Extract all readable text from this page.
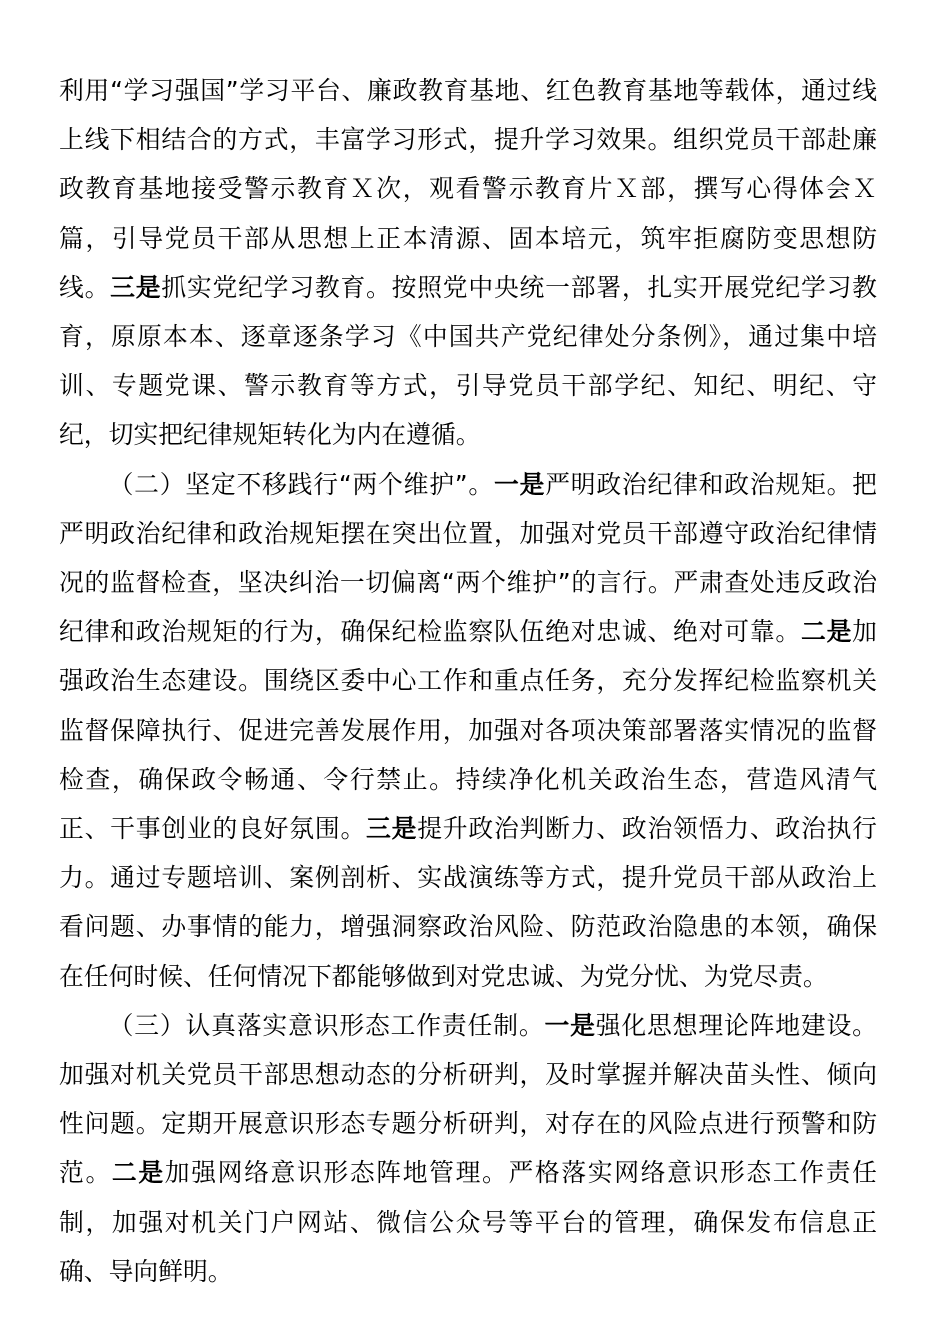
利用“学习强国”学习平台、廉政教育基地、红色教育基地等载体，通过线上线下相结合的方式，丰富学习形式，提升学习效果。组织党员干部赴廉政教育基地接受警示教育Ｘ次，观看警示教育片Ｘ部，撰写心得体会Ｘ篇，引导党员干部从思想上正本清源、固本培元，筑牢拒腐防变思想防线。三是抓实党纪学习教育。按照党中央统一部署，扎实开展党纪学习教育，原原本本、逐章逐条学习《中国共产党纪律处分条例》，通过集中培训、专题党课、警示教育等方式，引导党员干部学纪、知纪、明纪、守纪，切实把纪律规矩转化为内在遵循。

（二）坚定不移践行“两个维护”。一是严明政治纪律和政治规矩。把严明政治纪律和政治规矩摆在突出位置，加强对党员干部遵守政治纪律情况的监督检查，坚决纠治一切偏离“两个维护”的言行。严肃查处违反政治纪律和政治规矩的行为，确保纪检监察队伍绝对忠诚、绝对可靠。二是加强政治生态建设。围绕区委中心工作和重点任务，充分发挥纪检监察机关监督保障执行、促进完善发展作用，加强对各项决策部署落实情况的监督检查，确保政令畅通、令行禁止。持续净化机关政治生态，营造风清气正、干事创业的良好氛围。三是提升政治判断力、政治领悟力、政治执行力。通过专题培训、案例剖析、实战演练等方式，提升党员干部从政治上看问题、办事情的能力，增强洞察政治风险、防范政治隐患的本领，确保在任何时候、任何情况下都能够做到对党忠诚、为党分忧、为党尽责。

（三）认真落实意识形态工作责任制。一是强化思想理论阵地建设。加强对机关党员干部思想动态的分析研判，及时掌握并解决苗头性、倾向性问题。定期开展意识形态专题分析研判，对存在的风险点进行预警和防范。二是加强网络意识形态阵地管理。严格落实网络意识形态工作责任制，加强对机关门户网站、微信公众号等平台的管理，确保发布信息正确、导向鲜明。
